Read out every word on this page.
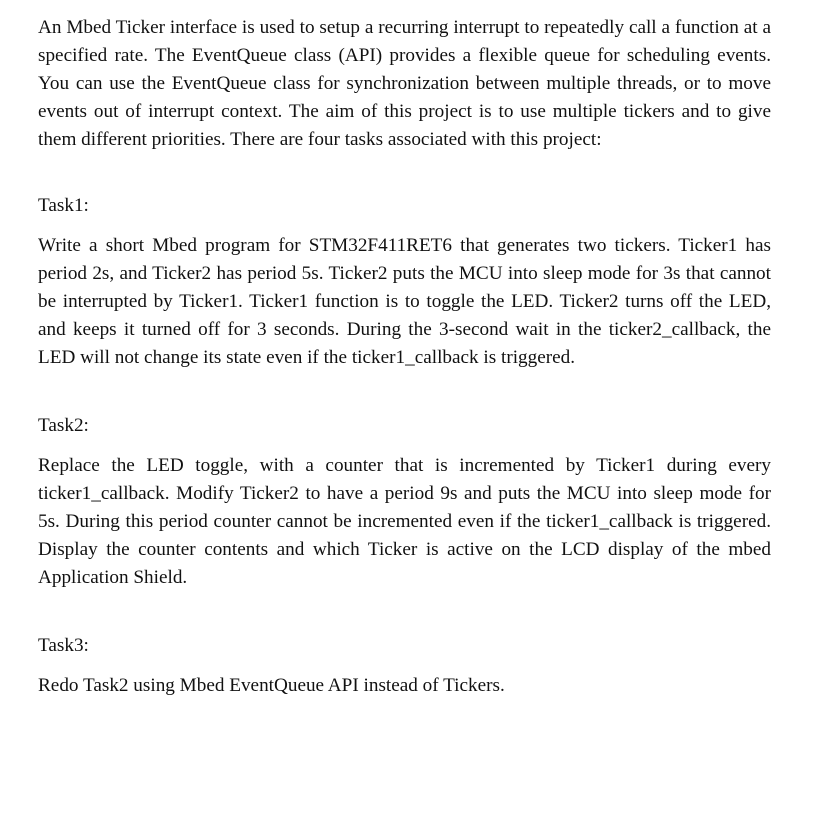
An Mbed Ticker interface is used to setup a recurring interrupt to repeatedly call a function at a specified rate. The EventQueue class (API) provides a flexible queue for scheduling events. You can use the EventQueue class for synchronization between multiple threads, or to move events out of interrupt context. The aim of this project is to use multiple tickers and to give them different priorities. There are four tasks associated with this project:

Task1:

Write a short Mbed program for STM32F411RET6 that generates two tickers. Ticker1 has period 2s, and Ticker2 has period 5s. Ticker2 puts the MCU into sleep mode for 3s that cannot be interrupted by Ticker1. Ticker1 function is to toggle the LED. Ticker2 turns off the LED, and keeps it turned off for 3 seconds. During the 3-second wait in the ticker2_callback, the LED will not change its state even if the ticker1_callback is triggered.

Task2:

Replace the LED toggle, with a counter that is incremented by Ticker1 during every ticker1_callback. Modify Ticker2 to have a period 9s and puts the MCU into sleep mode for 5s. During this period counter cannot be incremented even if the ticker1_callback is triggered. Display the counter contents and which Ticker is active on the LCD display of the mbed Application Shield.

Task3:

Redo Task2 using Mbed EventQueue API instead of Tickers.
